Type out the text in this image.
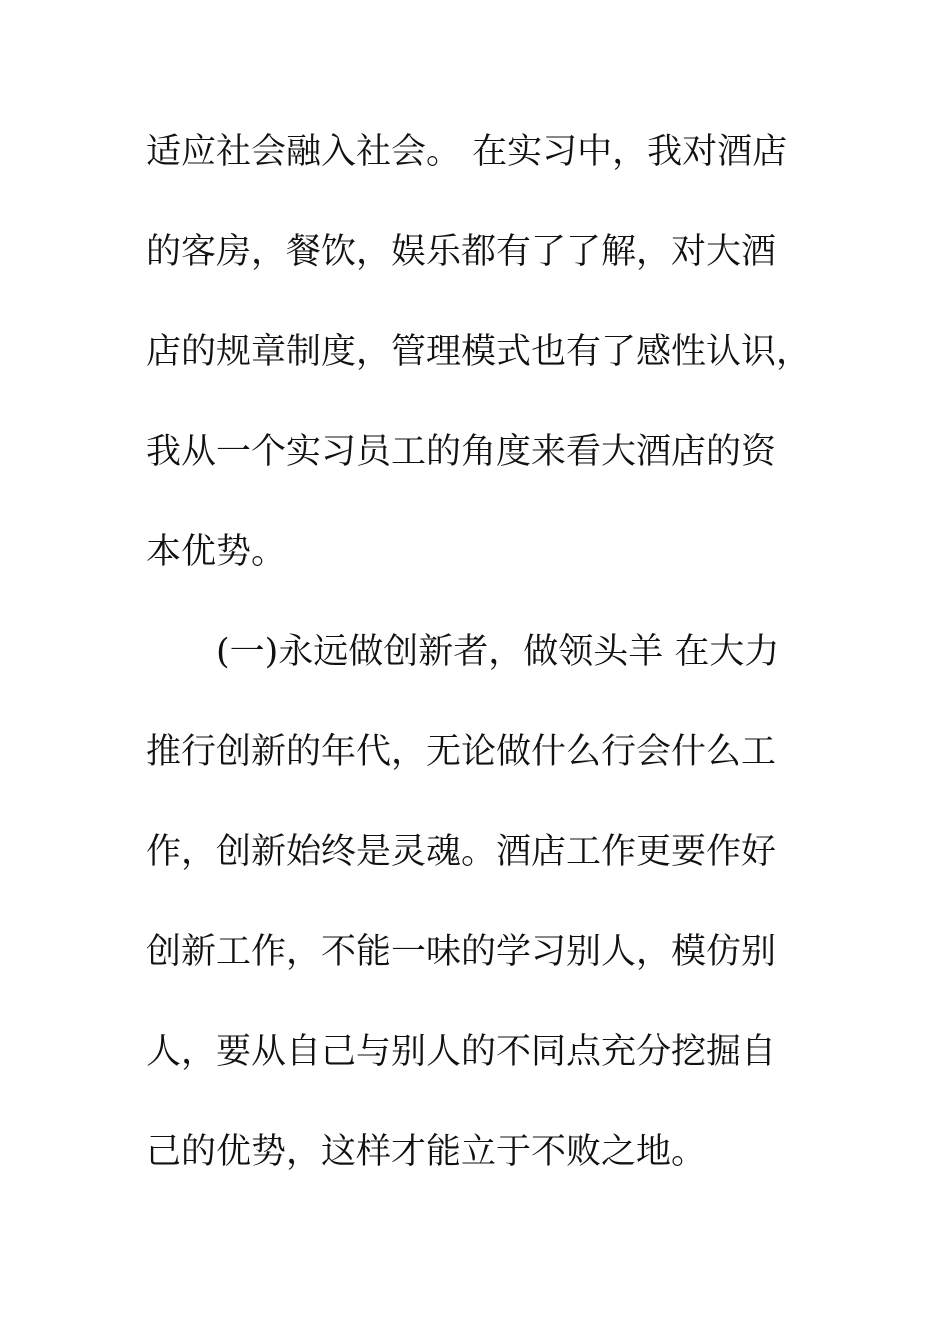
适应社会融入社会。 在实习中，我对酒店
的客房，餐饮，娱乐都有了了解，对大酒
店的规章制度，管理模式也有了感性认识，
我从一个实习员工的角度来看大酒店的资
本优势。
　　(一)永远做创新者，做领头羊 在大力
推行创新的年代，无论做什么行会什么工
作，创新始终是灵魂。酒店工作更要作好
创新工作，不能一味的学习别人，模仿别
人，要从自己与别人的不同点充分挖掘自
己的优势，这样才能立于不败之地。
